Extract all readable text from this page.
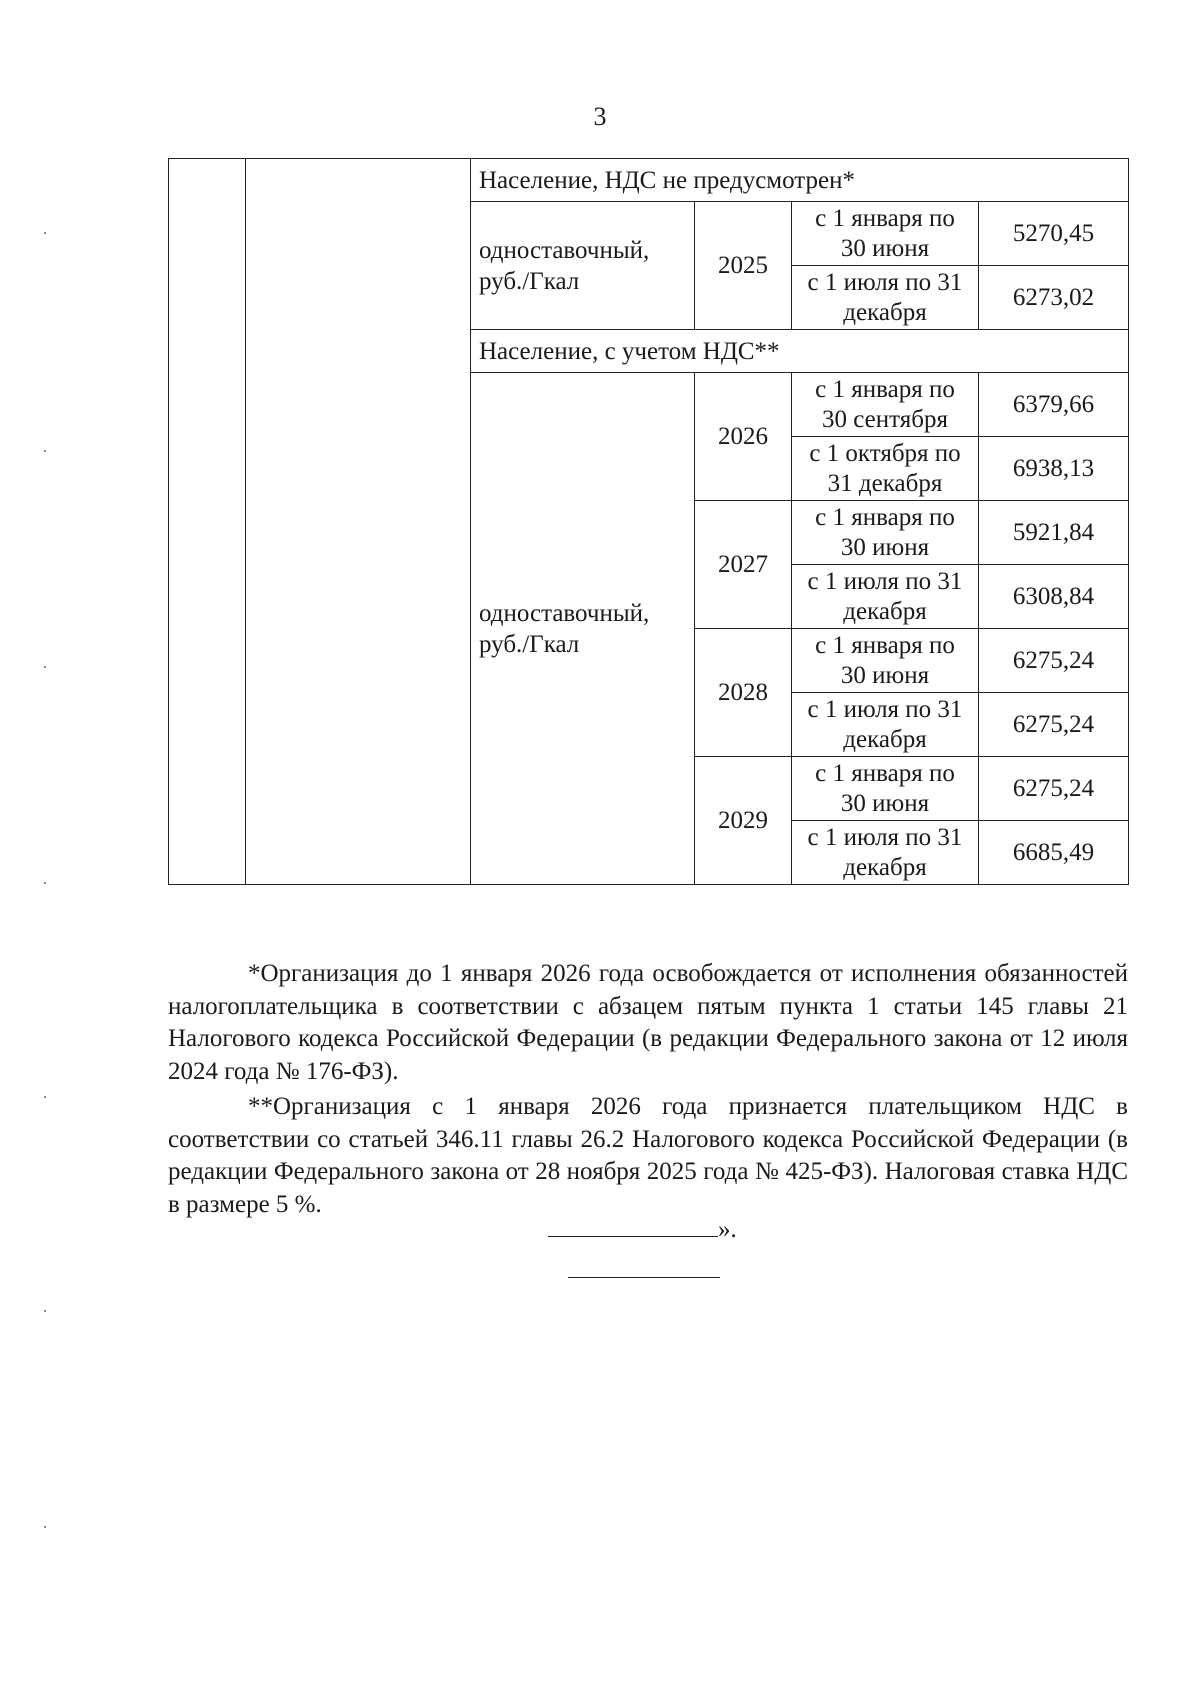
3
		Население, НДС не предусмотрен*			
		одноставочный, руб./Гкал	2025	с 1 января по 30 июня	5270,45
				с 1 июля по 31 декабря	6273,02
		Население, с учетом НДС**			
		одноставочный, руб./Гкал	2026	с 1 января по 30 сентября	6379,66
				с 1 октября по 31 декабря	6938,13
			2027	с 1 января по 30 июня	5921,84
				с 1 июля по 31 декабря	6308,84
			2028	с 1 января по 30 июня	6275,24
				с 1 июля по 31 декабря	6275,24
			2029	с 1 января по 30 июня	6275,24
				с 1 июля по 31 декабря	6685,49

*Организация до 1 января 2026 года освобождается от исполнения обязанностей налогоплательщика в соответствии с абзацем пятым пункта 1 статьи 145 главы 21 Налогового кодекса Российской Федерации (в редакции Федерального закона от 12 июля 2024 года № 176-ФЗ).

**Организация с 1 января 2026 года признается плательщиком НДС в соответствии со статьей 346.11 главы 26.2 Налогового кодекса Российской Федерации (в редакции Федерального закона от 28 ноября 2025 года № 425-ФЗ). Налоговая ставка НДС в размере 5 %.

».
